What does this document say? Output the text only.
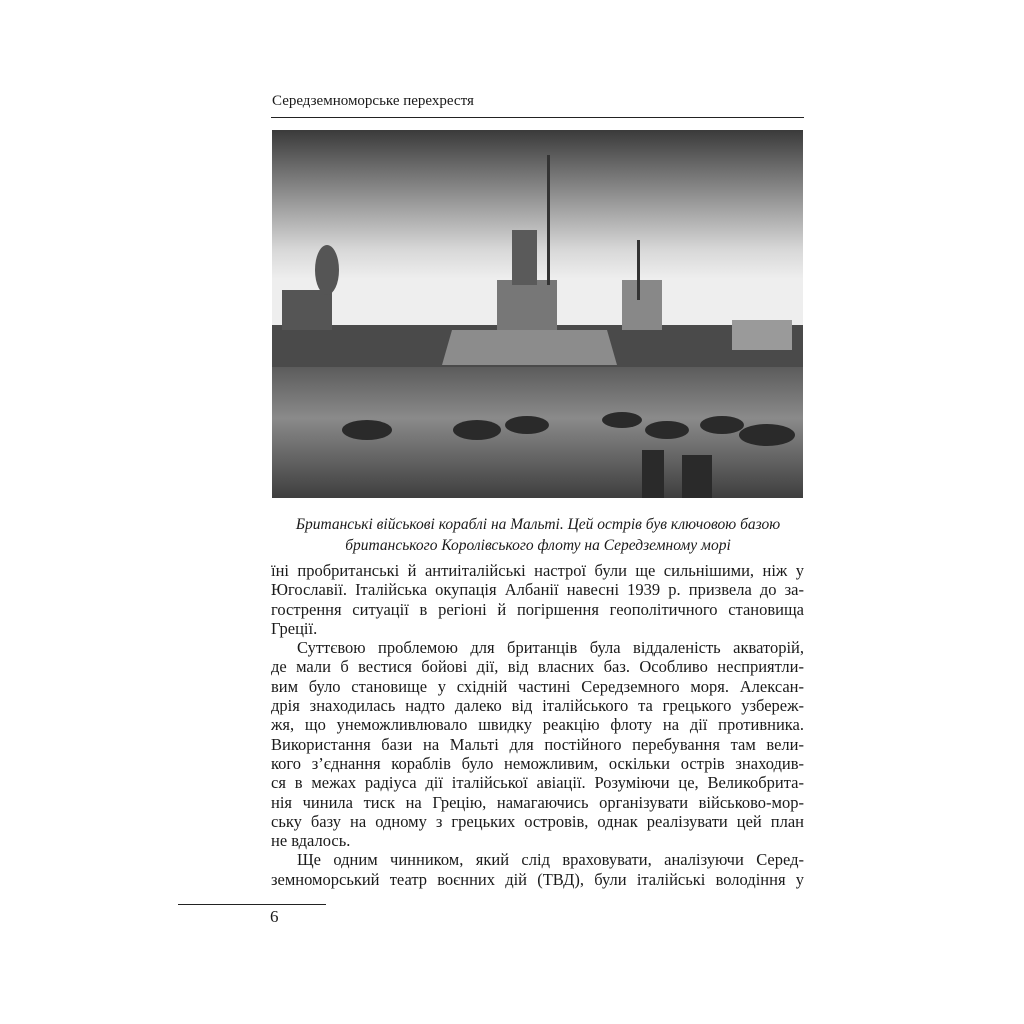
Середземноморське перехрестя
Британські військові кораблі на Мальті. Цей острів був ключовою базою
британського Королівського флоту на Середземному морі
їні пробританські й антиіталійські настрої були ще сильнішими, ніж у
Югославії. Італійська окупація Албанії навесні 1939 р. призвела до за-
гострення ситуації в регіоні й погіршення геополітичного становища
Греції.
Суттєвою проблемою для британців була віддаленість акваторій,
де мали б вестися бойові дії, від власних баз. Особливо несприятли-
вим було становище у східній частині Середземного моря. Алексан-
дрія знаходилась надто далеко від італійського та грецького узбереж-
жя, що унеможливлювало швидку реакцію флоту на дії противника.
Використання бази на Мальті для постійного перебування там вели-
кого з’єднання кораблів було неможливим, оскільки острів знаходив-
ся в межах радіуса дії італійської авіації. Розуміючи це, Великобрита-
нія чинила тиск на Грецію, намагаючись організувати військово-мор-
ську базу на одному з грецьких островів, однак реалізувати цей план
не вдалось.
Ще одним чинником, який слід враховувати, аналізуючи Серед-
земноморський театр воєнних дій (ТВД), були італійські володіння у
6
